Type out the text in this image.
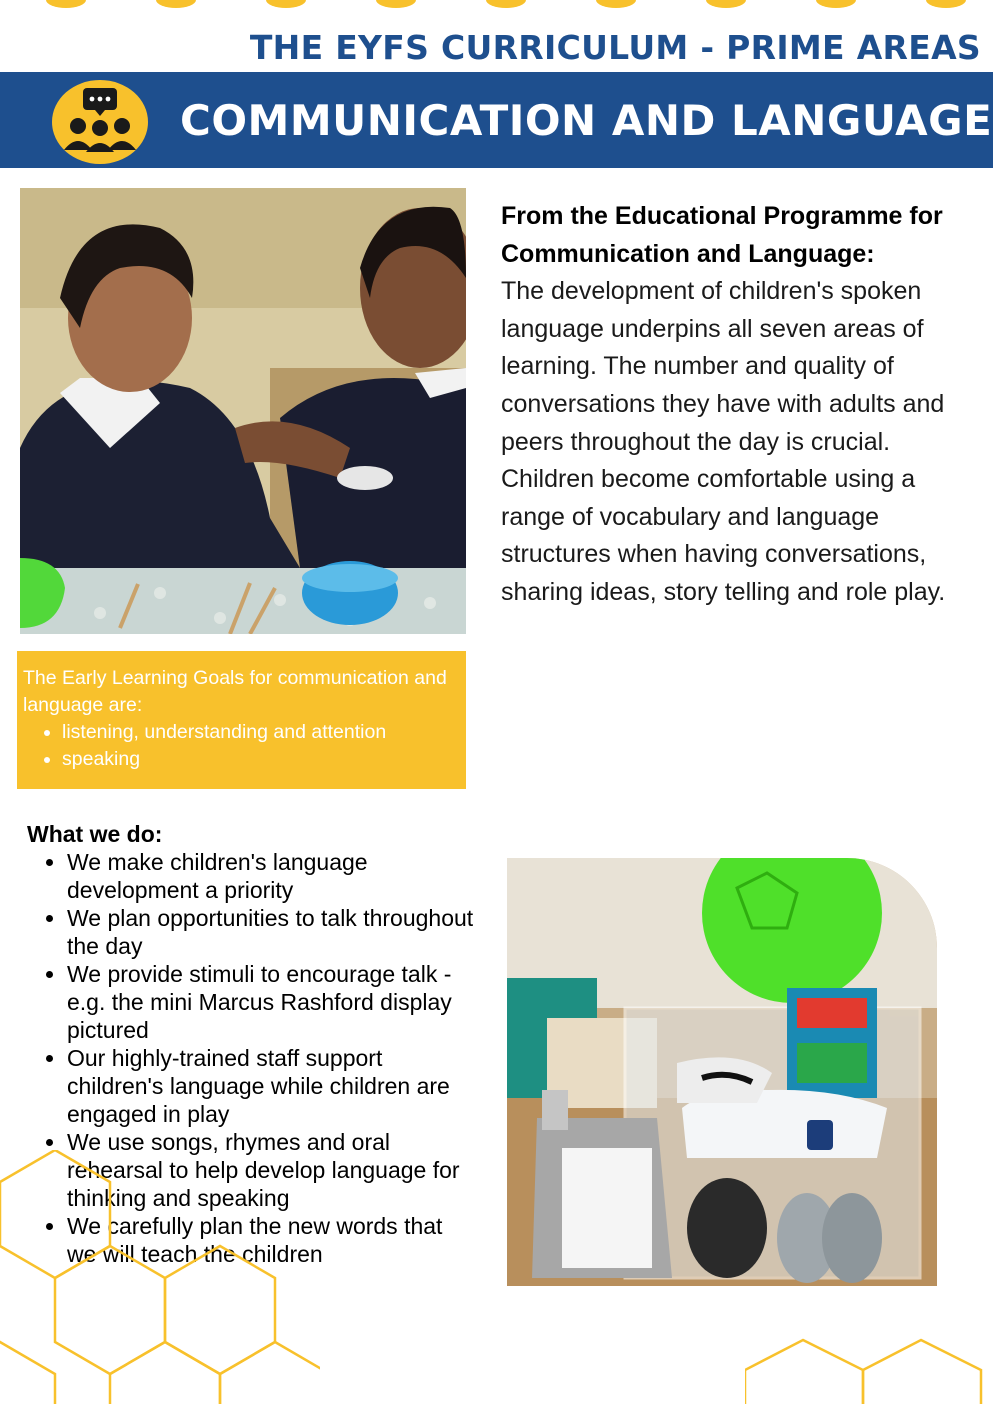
THE EYFS CURRICULUM - PRIME AREAS
COMMUNICATION AND LANGUAGE
The Early Learning Goals for communication and language are:
• listening, understanding and attention
• speaking
From the Educational Programme for Communication and Language:
The development of children's spoken language underpins all seven areas of learning. The number and quality of conversations they have with adults and peers throughout the day is crucial. Children become comfortable using a range of vocabulary and language structures when having conversations, sharing ideas, story telling and role play.
What we do:
• We make children's language development a priority
• We plan opportunities to talk throughout the day
• We provide stimuli to encourage talk - e.g. the mini Marcus Rashford display pictured
• Our highly-trained staff support children's language while children are engaged in play
• We use songs, rhymes and oral rehearsal to help develop language for thinking and speaking
• We carefully plan the new words that we will teach the children
